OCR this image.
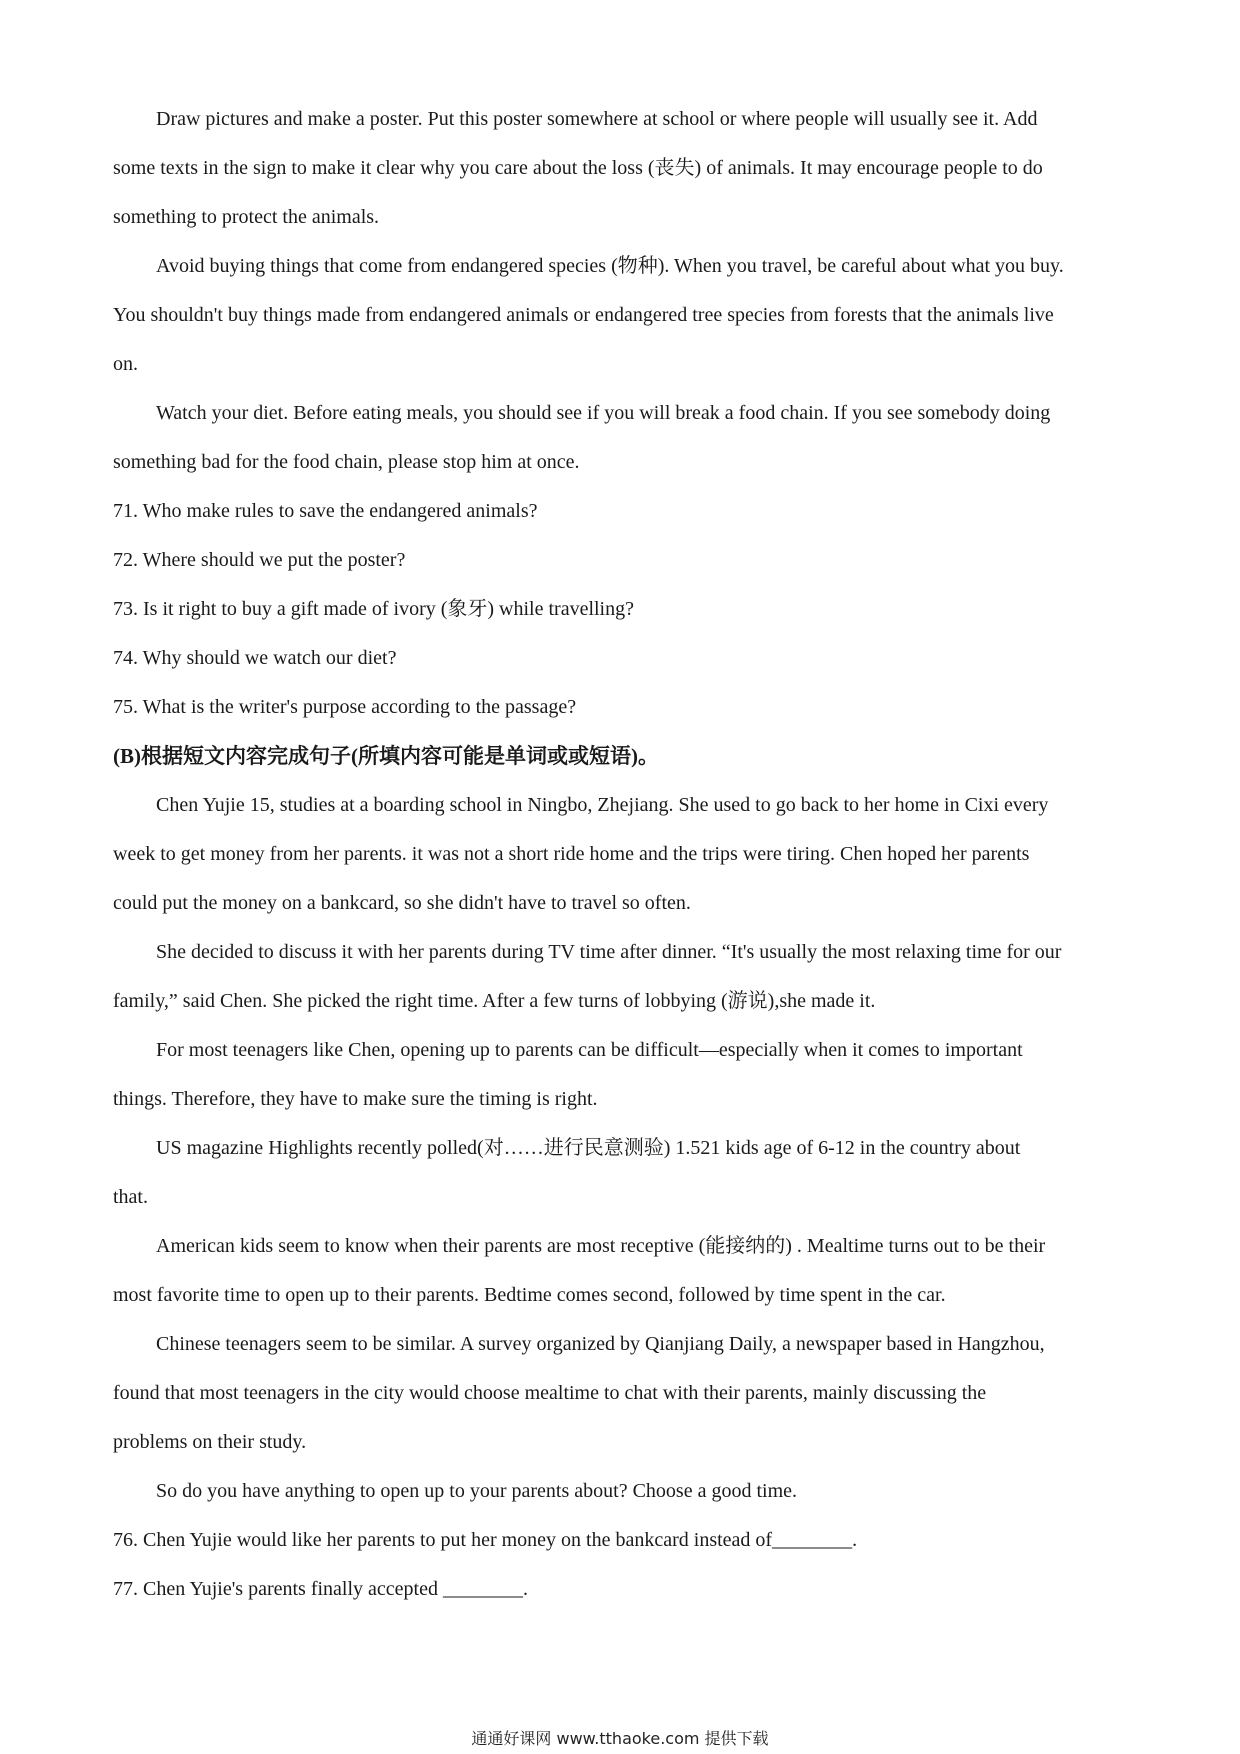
Draw pictures and make a poster. Put this poster somewhere at school or where people will usually see it. Add
some texts in the sign to make it clear why you care about the loss (丧失) of animals. It may encourage people to do
something to protect the animals.
Avoid buying things that come from endangered species (物种). When you travel, be careful about what you buy.
You shouldn't buy things made from endangered animals or endangered tree species from forests that the animals live
on.
Watch your diet. Before eating meals, you should see if you will break a food chain. If you see somebody doing
something bad for the food chain, please stop him at once.

71. Who make rules to save the endangered animals?

72. Where should we put the poster?

73. Is it right to buy a gift made of ivory (象牙) while travelling?

74. Why should we watch our diet?

75. What is the writer's purpose according to the passage?

(B)根据短文内容完成句子(所填内容可能是单词或或短语)。

Chen Yujie 15, studies at a boarding school in Ningbo, Zhejiang. She used to go back to her home in Cixi every
week to get money from her parents. it was not a short ride home and the trips were tiring. Chen hoped her parents
could put the money on a bankcard, so she didn't have to travel so often.
She decided to discuss it with her parents during TV time after dinner. “It's usually the most relaxing time for our
family,” said Chen. She picked the right time. After a few turns of lobbying (游说),she made it.
For most teenagers like Chen, opening up to parents can be difficult—especially when it comes to important
things. Therefore, they have to make sure the timing is right.
US magazine Highlights recently polled(对……进行民意测验) 1.521 kids age of 6-12 in the country about
that.
American kids seem to know when their parents are most receptive (能接纳的) . Mealtime turns out to be their
most favorite time to open up to their parents. Bedtime comes second, followed by time spent in the car.
Chinese teenagers seem to be similar. A survey organized by Qianjiang Daily, a newspaper based in Hangzhou,
found that most teenagers in the city would choose mealtime to chat with their parents, mainly discussing the
problems on their study.
So do you have anything to open up to your parents about? Choose a good time.

76. Chen Yujie would like her parents to put her money on the bankcard instead of________.

77. Chen Yujie's parents finally accepted ________.

通通好课网 www.tthaoke.com 提供下载
